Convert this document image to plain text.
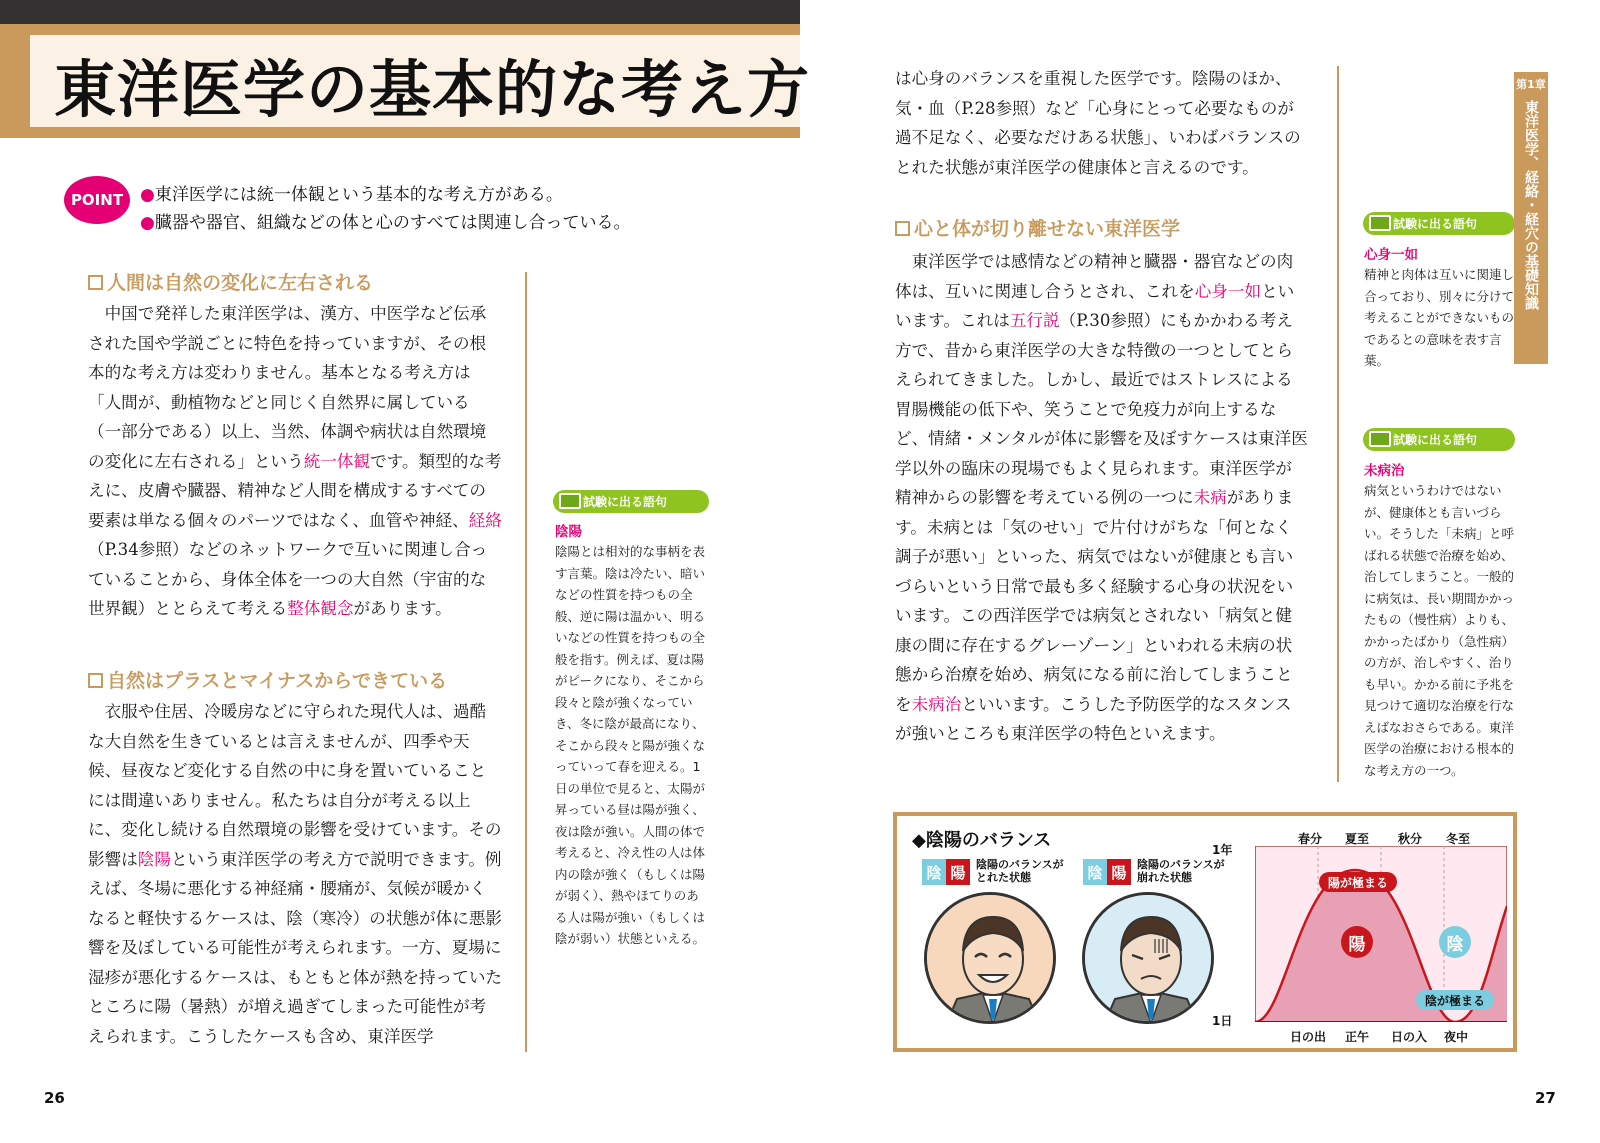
東洋医学の基本的な考え方
POINT ●東洋医学には統一体観という基本的な考え方がある。
●臓器や器官、組織などの体と心のすべては関連し合っている。
人間は自然の変化に左右される

中国で発祥した東洋医学は、漢方、中医学など伝承された国や学説ごとに特色を持っていますが、その根本的な考え方は変わりません。基本となる考え方は「人間が、動植物などと同じく自然界に属している（一部分である）以上、当然、体調や病状は自然環境の変化に左右される」という統一体観です。類型的な考えに、皮膚や臓器、精神など人間を構成するすべての要素は単なる個々のパーツではなく、血管や神経、経絡（P.34参照）などのネットワークで互いに関連し合っていることから、身体全体を一つの大自然（宇宙的な世界観）ととらえて考える整体観念があります。

自然はプラスとマイナスからできている

衣服や住居、冷暖房などに守られた現代人は、過酷な大自然を生きているとは言えませんが、四季や天候、昼夜など変化する自然の中に身を置いていることには間違いありません。私たちは自分が考える以上に、変化し続ける自然環境の影響を受けています。その影響は陰陽という東洋医学の考え方で説明できます。例えば、冬場に悪化する神経痛・腰痛が、気候が暖かくなると軽快するケースは、陰（寒冷）の状態が体に悪影響を及ぼしている可能性が考えられます。一方、夏場に湿疹が悪化するケースは、もともと体が熱を持っていたところに陽（暑熱）が増え過ぎてしまった可能性が考えられます。こうしたケースも含め、東洋医学

試験に出る語句
陰陽
陰陽とは相対的な事柄を表す言葉。陰は冷たい、暗いなどの性質を持つもの全般、逆に陽は温かい、明るいなどの性質を持つもの全般を指す。例えば、夏は陽がピークになり、そこから段々と陰が強くなっていき、冬に陰が最高になり、そこから段々と陽が強くなっていって春を迎える。1日の単位で見ると、太陽が昇っている昼は陽が強く、夜は陰が強い。人間の体で考えると、冷え性の人は体内の陰が強く（もしくは陽が弱く）、熱やほてりのある人は陽が強い（もしくは陰が弱い）状態といえる。
26
は心身のバランスを重視した医学です。陰陽のほか、気・血（P.28参照）など「心身にとって必要なものが過不足なく、必要なだけある状態」、いわばバランスのとれた状態が東洋医学の健康体と言えるのです。
心と体が切り離せない東洋医学

東洋医学では感情などの精神と臓器・器官などの肉体は、互いに関連し合うとされ、これを心身一如といいます。これは五行説（P.30参照）にもかかわる考え方で、昔から東洋医学の大きな特徴の一つとしてとらえられてきました。しかし、最近ではストレスによる胃腸機能の低下や、笑うことで免疫力が向上するなど、情緒・メンタルが体に影響を及ぼすケースは東洋医学以外の臨床の現場でもよく見られます。東洋医学が精神からの影響を考えている例の一つに未病があります。未病とは「気のせい」で片付けがちな「何となく調子が悪い」といった、病気ではないが健康とも言いづらいという日常で最も多く経験する心身の状況をいいます。この西洋医学では病気とされない「病気と健康の間に存在するグレーゾーン」といわれる未病の状態から治療を始め、病気になる前に治してしまうことを未病治といいます。こうした予防医学的なスタンスが強いところも東洋医学の特色といえます。

試験に出る語句
心身一如
精神と肉体は互いに関連し合っており、別々に分けて考えることができないものであるとの意味を表す言葉。
試験に出る語句
未病治
病気というわけではないが、健康体とも言いづらい。そうした「未病」と呼ばれる状態で治療を始め、治してしまうこと。一般的に病気は、長い期間かかったもの（慢性病）よりも、かかったばかり（急性病）の方が、治しやすく、治りも早い。かかる前に予兆を見つけて適切な治療を行なえばなおさらである。東洋医学の治療における根本的な考え方の一つ。
第1章
東洋医学、経絡・経穴の基礎知識
27
◆陰陽のバランス
陰 陽 陰陽のバランスがとれた状態	陰 陽 陰陽のバランスが崩れた状態
1年
1日
春分 夏至 秋分 冬至
日の出 正午 日の入 夜中
陽が極まる
陽	陰
陰が極まる
